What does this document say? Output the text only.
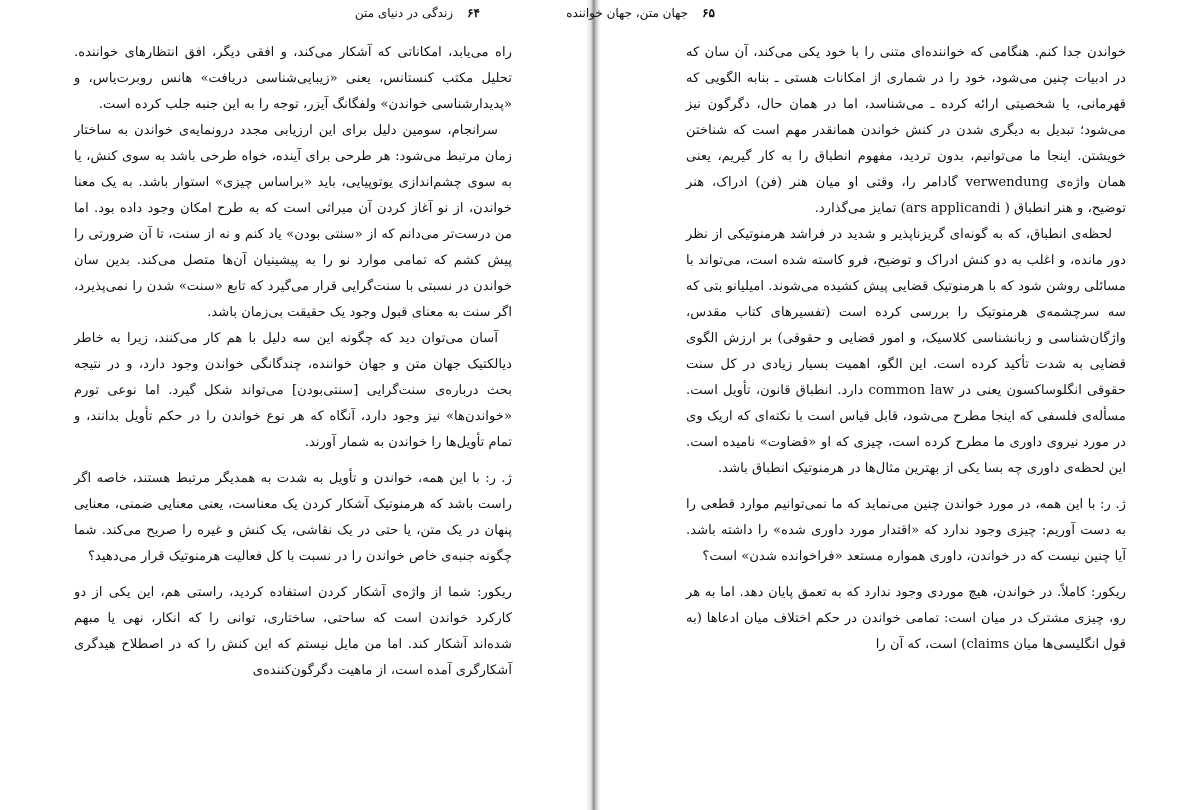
۶۴
زندگی در دنیای متن

راه می‌یابد، امکاناتی که آشکار می‌کند، و افقی دیگر، افق انتظارهای خواننده. تحلیل مکتب کنستانس، یعنی «زیبایی‌شناسی دریافت» هانس روبرت‌یاس، و «پدیدارشناسی خواندن» ولفگانگ آیزر، توجه را به این جنبه جلب کرده است.

سرانجام، سومین دلیل برای این ارزیابی مجدد درونمایه‌ی خواندن به ساختار زمان مرتبط می‌شود: هر طرحی برای آینده، خواه طرحی باشد به سوی کنش، یا به سوی چشم‌اندازی یوتوپیایی، باید «براساس چیزی» استوار باشد. به یک معنا خواندن، از نو آغاز کردن آن میراثی است که به طرح امکان وجود داده بود. اما من درست‌تر می‌دانم که از «سنتی بودن» یاد کنم و نه از سنت، تا آن ضرورتی را پیش کشم که تمامی موارد نو را به پیشینیان آن‌ها متصل می‌کند. بدین سان خواندن در نسبتی با سنت‌گرایی قرار می‌گیرد که تابع «سنت» شدن را نمی‌پذیرد، اگر سنت به معنای قبول وجود یک حقیقت بی‌زمان باشد.

آسان می‌توان دید که چگونه این سه دلیل با هم کار می‌کنند، زیرا به خاطر دیالکتیک جهان متن و جهان خواننده، چندگانگی خواندن وجود دارد، و در نتیجه بحث درباره‌ی سنت‌گرایی [سنتی‌بودن] می‌تواند شکل گیرد. اما نوعی تورم «خواندن‌ها» نیز وجود دارد، آنگاه که هر نوع خواندن را در حکم تأویل بدانند، و تمام تأویل‌ها را خواندن به شمار آورند.

ژ. ر: با این همه، خواندن و تأویل به شدت به همدیگر مرتبط هستند، خاصه اگر راست باشد که هرمنوتیک آشکار کردن یک معناست، یعنی معنایی ضمنی، معنایی پنهان در یک متن، یا حتی در یک نقاشی، یک کنش و غیره را صریح می‌کند. شما چگونه جنبه‌ی خاص خواندن را در نسبت با کل فعالیت هرمنوتیک قرار می‌دهید؟

ریکور: شما از واژه‌ی آشکار کردن استفاده کردید، راستی هم، این یکی از دو کارکرد خواندن است که ساحتی، ساختاری، توانی را که انکار، نهی یا مبهم شده‌اند آشکار کند. اما من مایل نیستم که این کنش را که در اصطلاح هیدگری آشکارگری آمده است، از ماهیت دگرگون‌کننده‌ی

۶۵
جهان متن، جهان خواننده

خواندن جدا کنم. هنگامی که خواننده‌ای متنی را با خود یکی می‌کند، آن سان که در ادبیات چنین می‌شود، خود را در شماری از امکانات هستی ـ بنابه الگویی که قهرمانی، یا شخصیتی ارائه کرده ـ می‌شناسد، اما در همان حال، دگرگون نیز می‌شود؛ تبدیل به دیگری شدن در کنش خواندن همانقدر مهم است که شناختن خویشتن. اینجا ما می‌توانیم، بدون تردید، مفهوم انطباق را به کار گیریم، یعنی همان واژه‌ی verwendung گادامر را، وقتی او میان هنر (فن) ادراک، هنر توضیح، و هنر انطباق ( ars applicandi) تمایز می‌گذارد.

لحظه‌ی انطباق، که به گونه‌ای گریزناپذیر و شدید در فراشد هرمنوتیکی از نظر دور مانده، و اغلب به دو کنش ادراک و توضیح، فرو کاسته شده است، می‌تواند با مسائلی روشن شود که با هرمنوتیک قضایی پیش کشیده می‌شوند. امیلیانو بتی که سه سرچشمه‌ی هرمنوتیک را بررسی کرده است (تفسیرهای کتاب مقدس، واژگان‌شناسی و زبانشناسی کلاسیک، و امور قضایی و حقوقی) بر ارزش الگوی قضایی به شدت تأکید کرده است. این الگو، اهمیت بسیار زیادی در کل سنت حقوقی انگلوساکسون یعنی در common law دارد. انطباق قانون، تأویل است. مسأله‌ی فلسفی که اینجا مطرح می‌شود، قابل قیاس است با نکته‌ای که اریک وی در مورد نیروی داوری ما مطرح کرده است، چیزی که او «قضاوت» نامیده است. این لحظه‌ی داوری چه بسا یکی از بهترین مثال‌ها در هرمنوتیک انطباق باشد.

ژ. ر: با این همه، در مورد خواندن چنین می‌نماید که ما نمی‌توانیم موارد قطعی را به دست آوریم: چیزی وجود ندارد که «اقتدار مورد داوری شده» را داشته باشد. آیا چنین نیست که در خواندن، داوری همواره مستعد «فراخوانده شدن» است؟

ریکور: کاملاً. در خواندن، هیچ موردی وجود ندارد که به تعمق پایان دهد. اما به هر رو، چیزی مشترک در میان است: تمامی خواندن در حکم اختلاف میان ادعاها (به قول انگلیسی‌ها میان claims) است، که آن را
